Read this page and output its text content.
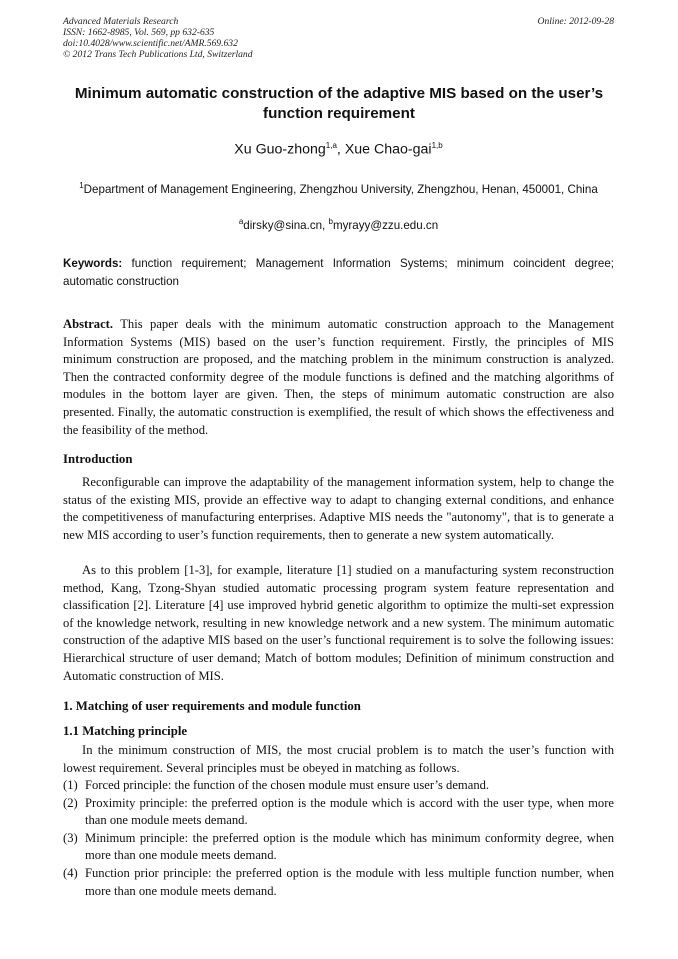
Advanced Materials Research
ISSN: 1662-8985, Vol. 569, pp 632-635
doi:10.4028/www.scientific.net/AMR.569.632
© 2012 Trans Tech Publications Ltd, Switzerland
Online: 2012-09-28
Minimum automatic construction of the adaptive MIS based on the user’s function requirement
Xu Guo-zhong$^{1,a}$, Xue Chao-gai$^{1,b}$
$^1$Department of Management Engineering, Zhengzhou University, Zhengzhou, Henan, 450001, China
$^a$dirsky@sina.cn, $^b$myrayy@zzu.edu.cn
Keywords: function requirement; Management Information Systems; minimum coincident degree; automatic construction
Abstract. This paper deals with the minimum automatic construction approach to the Management Information Systems (MIS) based on the user’s function requirement. Firstly, the principles of MIS minimum construction are proposed, and the matching problem in the minimum construction is analyzed. Then the contracted conformity degree of the module functions is defined and the matching algorithms of modules in the bottom layer are given. Then, the steps of minimum automatic construction are also presented. Finally, the automatic construction is exemplified, the result of which shows the effectiveness and the feasibility of the method.
Introduction
Reconfigurable can improve the adaptability of the management information system, help to change the status of the existing MIS, provide an effective way to adapt to changing external conditions, and enhance the competitiveness of manufacturing enterprises. Adaptive MIS needs the "autonomy", that is to generate a new MIS according to user’s function requirements, then to generate a new system automatically.
As to this problem [1-3], for example, literature [1] studied on a manufacturing system reconstruction method, Kang, Tzong-Shyan studied automatic processing program system feature representation and classification [2]. Literature [4] use improved hybrid genetic algorithm to optimize the multi-set expression of the knowledge network, resulting in new knowledge network and a new system. The minimum automatic construction of the adaptive MIS based on the user’s functional requirement is to solve the following issues: Hierarchical structure of user demand; Match of bottom modules; Definition of minimum construction and Automatic construction of MIS.
1. Matching of user requirements and module function
1.1 Matching principle
In the minimum construction of MIS, the most crucial problem is to match the user’s function with lowest requirement. Several principles must be obeyed in matching as follows.
(1) Forced principle: the function of the chosen module must ensure user’s demand.
(2) Proximity principle: the preferred option is the module which is accord with the user type, when more than one module meets demand.
(3) Minimum principle: the preferred option is the module which has minimum conformity degree, when more than one module meets demand.
(4) Function prior principle: the preferred option is the module with less multiple function number, when more than one module meets demand.
